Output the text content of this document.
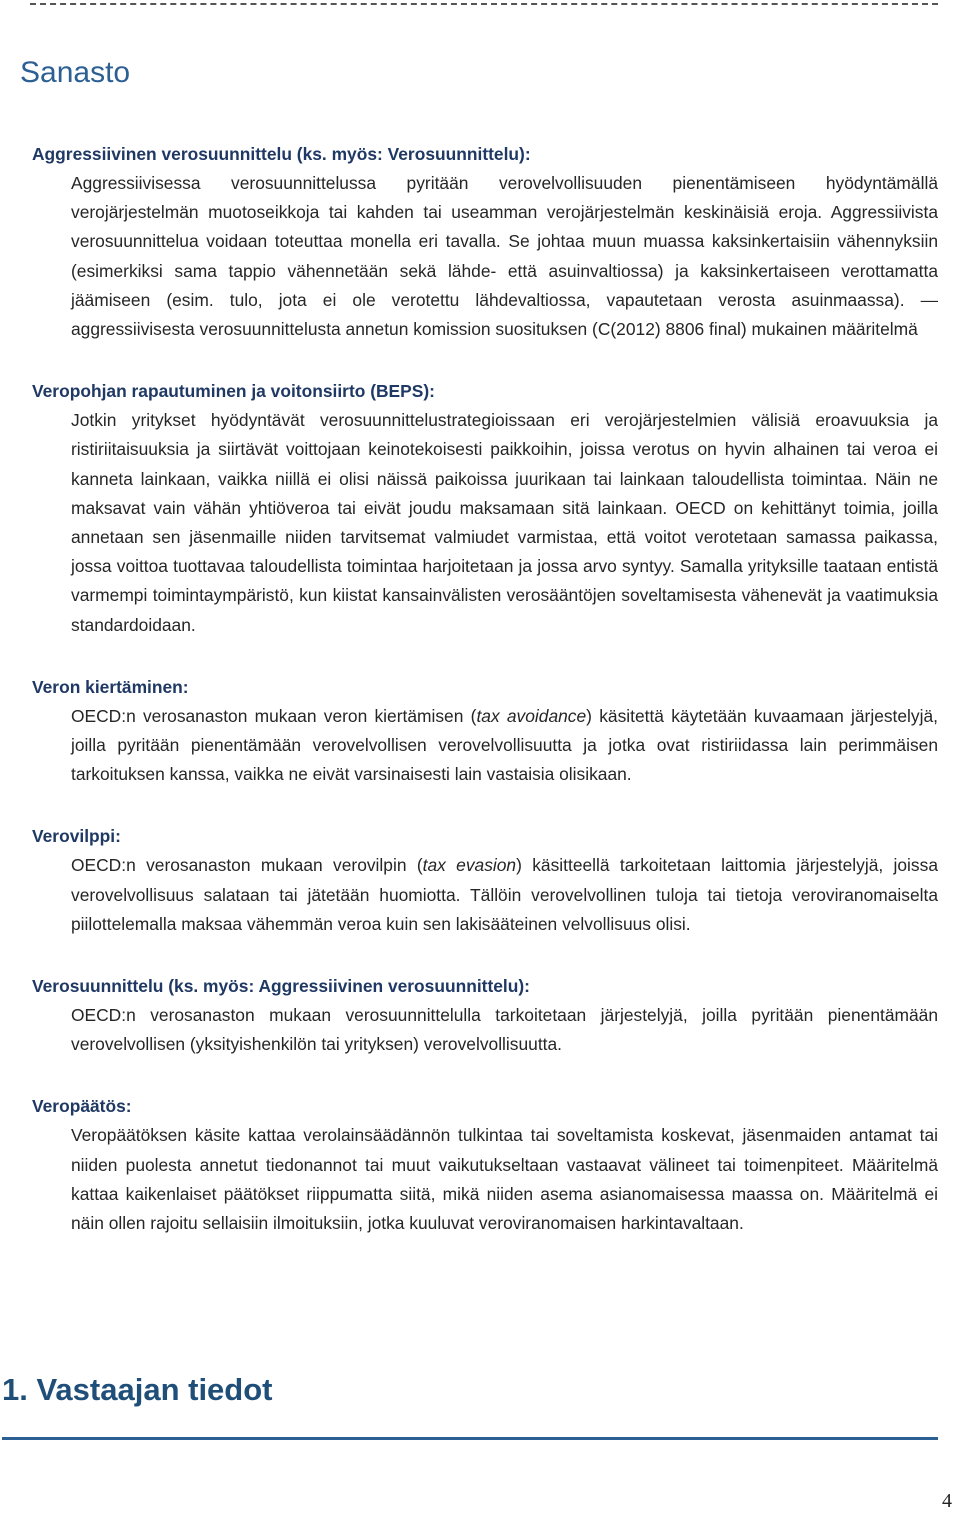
Sanasto
Aggressiivinen verosuunnittelu (ks. myös: Verosuunnittelu):
Aggressiivisessa verosuunnittelussa pyritään verovelvollisuuden pienentämiseen hyödyntämällä verojärjestelmän muotoseikkoja tai kahden tai useamman verojärjestelmän keskinäisiä eroja. Aggressiivista verosuunnittelua voidaan toteuttaa monella eri tavalla. Se johtaa muun muassa kaksinkertaisiin vähennyksiin (esimerkiksi sama tappio vähennetään sekä lähde- että asuinvaltiossa) ja kaksinkertaiseen verottamatta jäämiseen (esim. tulo, jota ei ole verotettu lähdevaltiossa, vapautetaan verosta asuinmaassa). ― aggressiivisesta verosuunnittelusta annetun komission suosituksen (C(2012) 8806 final) mukainen määritelmä
Veropohjan rapautuminen ja voitonsiirto (BEPS):
Jotkin yritykset hyödyntävät verosuunnittelustrategioissaan eri verojärjestelmien välisiä eroavuuksia ja ristiriitaisuuksia ja siirtävät voittojaan keinotekoisesti paikkoihin, joissa verotus on hyvin alhainen tai veroa ei kanneta lainkaan, vaikka niillä ei olisi näissä paikoissa juurikaan tai lainkaan taloudellista toimintaa. Näin ne maksavat vain vähän yhtiöveroa tai eivät joudu maksamaan sitä lainkaan. OECD on kehittänyt toimia, joilla annetaan sen jäsenmaille niiden tarvitsemat valmiudet varmistaa, että voitot verotetaan samassa paikassa, jossa voittoa tuottavaa taloudellista toimintaa harjoitetaan ja jossa arvo syntyy. Samalla yrityksille taataan entistä varmempi toimintaympäristö, kun kiistat kansainvälisten verosääntöjen soveltamisesta vähenevät ja vaatimuksia standardoidaan.
Veron kiertäminen:
OECD:n verosanaston mukaan veron kiertämisen (tax avoidance) käsitettä käytetään kuvaamaan järjestelyjä, joilla pyritään pienentämään verovelvollisen verovelvollisuutta ja jotka ovat ristiriidassa lain perimmäisen tarkoituksen kanssa, vaikka ne eivät varsinaisesti lain vastaisia olisikaan.
Verovilppi:
OECD:n verosanaston mukaan verovilpin (tax evasion) käsitteellä tarkoitetaan laittomia järjestelyjä, joissa verovelvollisuus salataan tai jätetään huomiotta. Tällöin verovelvollinen tuloja tai tietoja veroviranomaiselta piilottelemalla maksaa vähemmän veroa kuin sen lakisääteinen velvollisuus olisi.
Verosuunnittelu (ks. myös: Aggressiivinen verosuunnittelu):
OECD:n verosanaston mukaan verosuunnittelulla tarkoitetaan järjestelyjä, joilla pyritään pienentämään verovelvollisen (yksityishenkilön tai yrityksen) verovelvollisuutta.
Veropäätös:
Veropäätöksen käsite kattaa verolainsäädännön tulkintaa tai soveltamista koskevat, jäsenmaiden antamat tai niiden puolesta annetut tiedonannot tai muut vaikutukseltaan vastaavat välineet tai toimenpiteet. Määritelmä kattaa kaikenlaiset päätökset riippumatta siitä, mikä niiden asema asianomaisessa maassa on. Määritelmä ei näin ollen rajoitu sellaisiin ilmoituksiin, jotka kuuluvat veroviranomaisen harkintavaltaan.
1. Vastaajan tiedot
4
